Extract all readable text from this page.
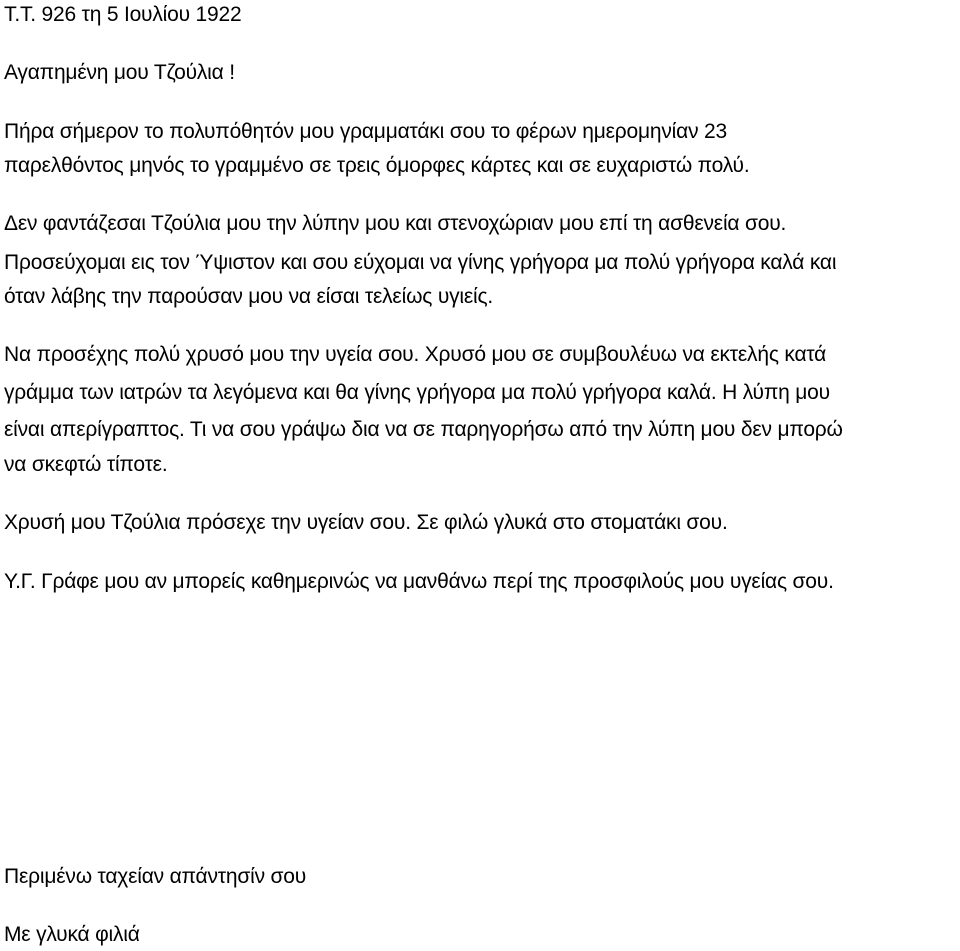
Τ.Τ. 926 τη 5 Ιουλίου 1922
Αγαπημένη μου Τζούλια !
Πήρα σήμερον το πολυπόθητόν μου γραμματάκι σου το φέρων ημερομηνίαν 23
παρελθόντος μηνός το γραμμένο σε τρεις όμορφες κάρτες και σε ευχαριστώ πολύ.
Δεν φαντάζεσαι Τζούλια μου την λύπην μου και στενοχώριαν μου επί τη ασθενεία σου.
Προσεύχομαι εις τον Ύψιστον και σου εύχομαι να γίνης γρήγορα μα πολύ γρήγορα καλά και
όταν λάβης την παρούσαν μου να είσαι τελείως υγιείς.
Να προσέχης πολύ χρυσό μου την υγεία σου. Χρυσό μου σε συμβουλέυω να εκτελής κατά
γράμμα των ιατρών τα λεγόμενα και θα γίνης γρήγορα μα πολύ γρήγορα καλά. Η λύπη μου
είναι απερίγραπτος. Τι να σου γράψω δια να σε παρηγορήσω από την λύπη μου δεν μπορώ
να σκεφτώ τίποτε.
Χρυσή μου Τζούλια πρόσεχε την υγείαν σου. Σε φιλώ γλυκά στο στοματάκι σου.
Υ.Γ. Γράφε μου αν μπορείς καθημερινώς να μανθάνω περί της προσφιλούς μου υγείας σου.
Περιμένω ταχείαν απάντησίν σου
Με γλυκά φιλιά
